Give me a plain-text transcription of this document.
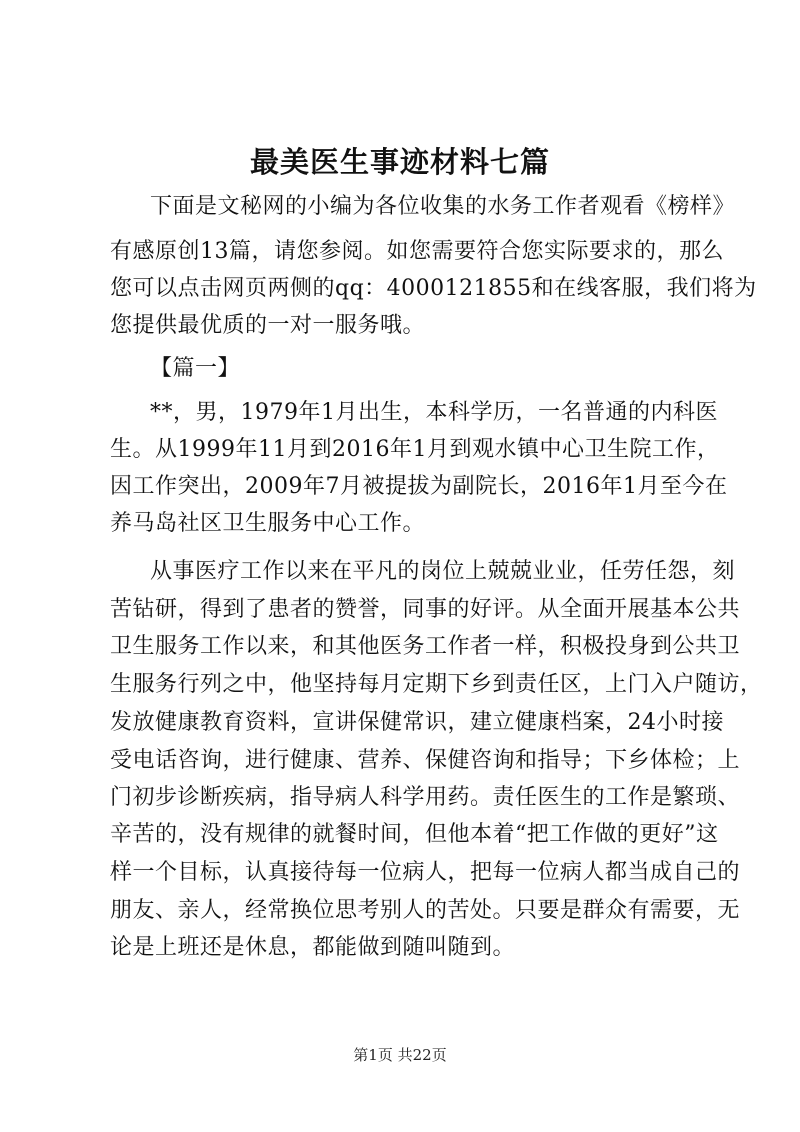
最美医生事迹材料七篇
下面是文秘网的小编为各位收集的水务工作者观看《榜样》
有感原创13篇，请您参阅。如您需要符合您实际要求的，那么
您可以点击网页两侧的qq：4000121855和在线客服，我们将为
您提供最优质的一对一服务哦。
【篇一】
**，男，1979年1月出生，本科学历，一名普通的内科医
生。从1999年11月到2016年1月到观水镇中心卫生院工作，
因工作突出，2009年7月被提拔为副院长，2016年1月至今在
养马岛社区卫生服务中心工作。
从事医疗工作以来在平凡的岗位上兢兢业业，任劳任怨，刻
苦钻研，得到了患者的赞誉，同事的好评。从全面开展基本公共
卫生服务工作以来，和其他医务工作者一样，积极投身到公共卫
生服务行列之中，他坚持每月定期下乡到责任区，上门入户随访，
发放健康教育资料，宣讲保健常识，建立健康档案，24小时接
受电话咨询，进行健康、营养、保健咨询和指导；下乡体检；上
门初步诊断疾病，指导病人科学用药。责任医生的工作是繁琐、
辛苦的，没有规律的就餐时间，但他本着“把工作做的更好”这
样一个目标，认真接待每一位病人，把每一位病人都当成自己的
朋友、亲人，经常换位思考别人的苦处。只要是群众有需要，无
论是上班还是休息，都能做到随叫随到。
第1页 共22页
